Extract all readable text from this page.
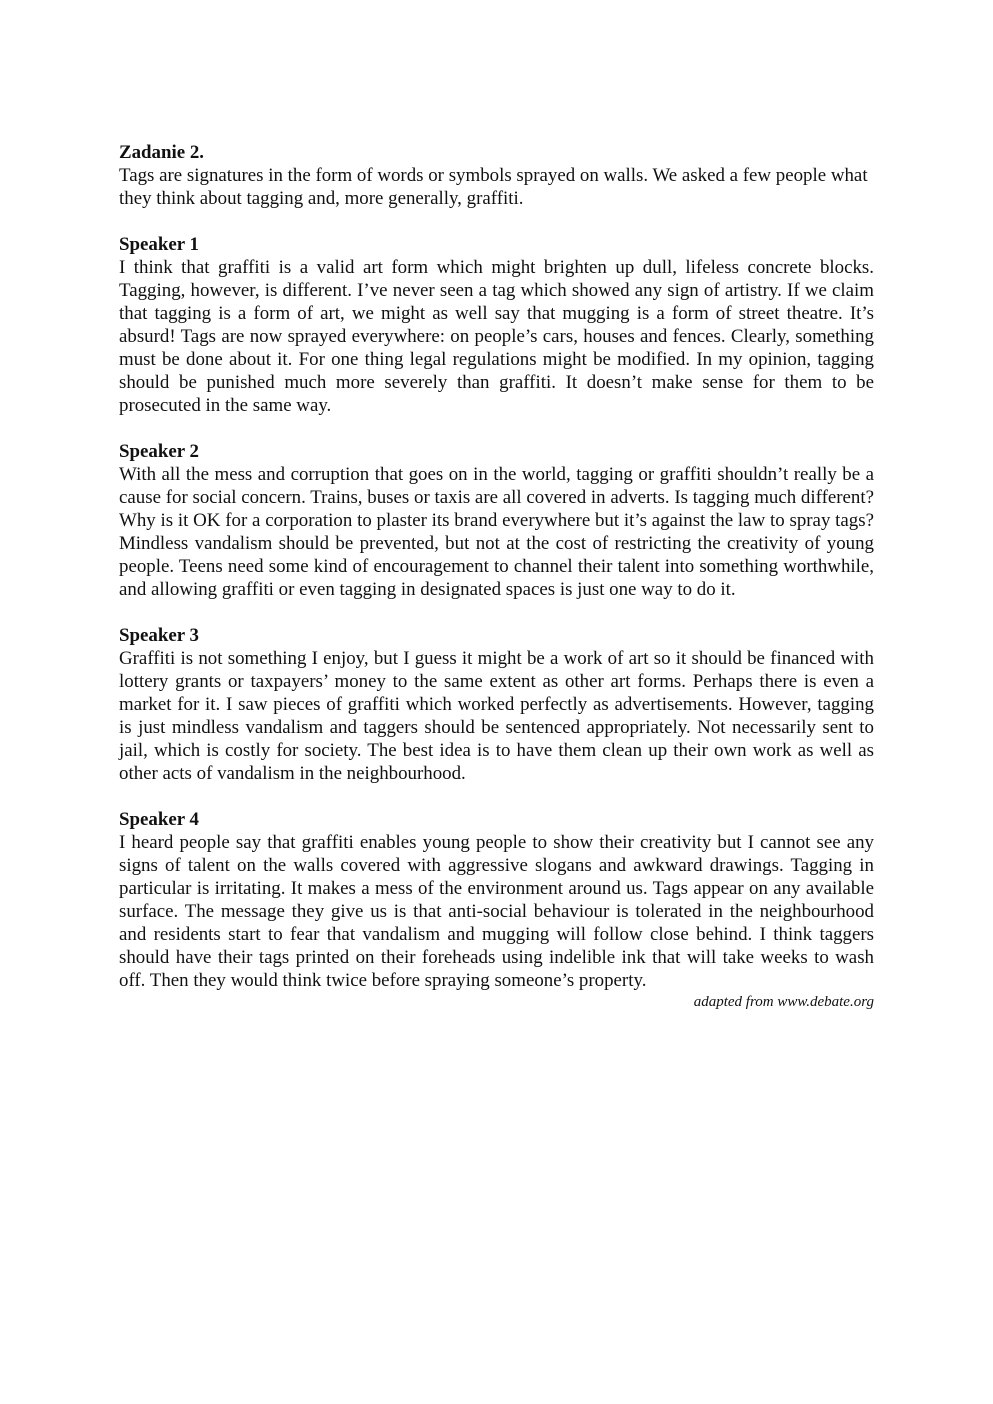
Zadanie 2.

Tags are signatures in the form of words or symbols sprayed on walls. We asked a few people what they think about tagging and, more generally, graffiti.

Speaker 1

I think that graffiti is a valid art form which might brighten up dull, lifeless concrete blocks. Tagging, however, is different. I’ve never seen a tag which showed any sign of artistry. If we claim that tagging is a form of art, we might as well say that mugging is a form of street theatre. It’s absurd! Tags are now sprayed everywhere: on people’s cars, houses and fences. Clearly, something must be done about it. For one thing legal regulations might be modified. In my opinion, tagging should be punished much more severely than graffiti. It doesn’t make sense for them to be prosecuted in the same way.

Speaker 2

With all the mess and corruption that goes on in the world, tagging or graffiti shouldn’t really be a cause for social concern. Trains, buses or taxis are all covered in adverts. Is tagging much different? Why is it OK for a corporation to plaster its brand everywhere but it’s against the law to spray tags? Mindless vandalism should be prevented, but not at the cost of restricting the creativity of young people. Teens need some kind of encouragement to channel their talent into something worthwhile, and allowing graffiti or even tagging in designated spaces is just one way to do it.

Speaker 3

Graffiti is not something I enjoy, but I guess it might be a work of art so it should be financed with lottery grants or taxpayers’ money to the same extent as other art forms. Perhaps there is even a market for it. I saw pieces of graffiti which worked perfectly as advertisements. However, tagging is just mindless vandalism and taggers should be sentenced appropriately. Not necessarily sent to jail, which is costly for society. The best idea is to have them clean up their own work as well as other acts of vandalism in the neighbourhood.

Speaker 4

I heard people say that graffiti enables young people to show their creativity but I cannot see any signs of talent on the walls covered with aggressive slogans and awkward drawings. Tagging in particular is irritating. It makes a mess of the environment around us. Tags appear on any available surface. The message they give us is that anti-social behaviour is tolerated in the neighbourhood and residents start to fear that vandalism and mugging will follow close behind. I think taggers should have their tags printed on their foreheads using indelible ink that will take weeks to wash off. Then they would think twice before spraying someone’s property.

adapted from www.debate.org
